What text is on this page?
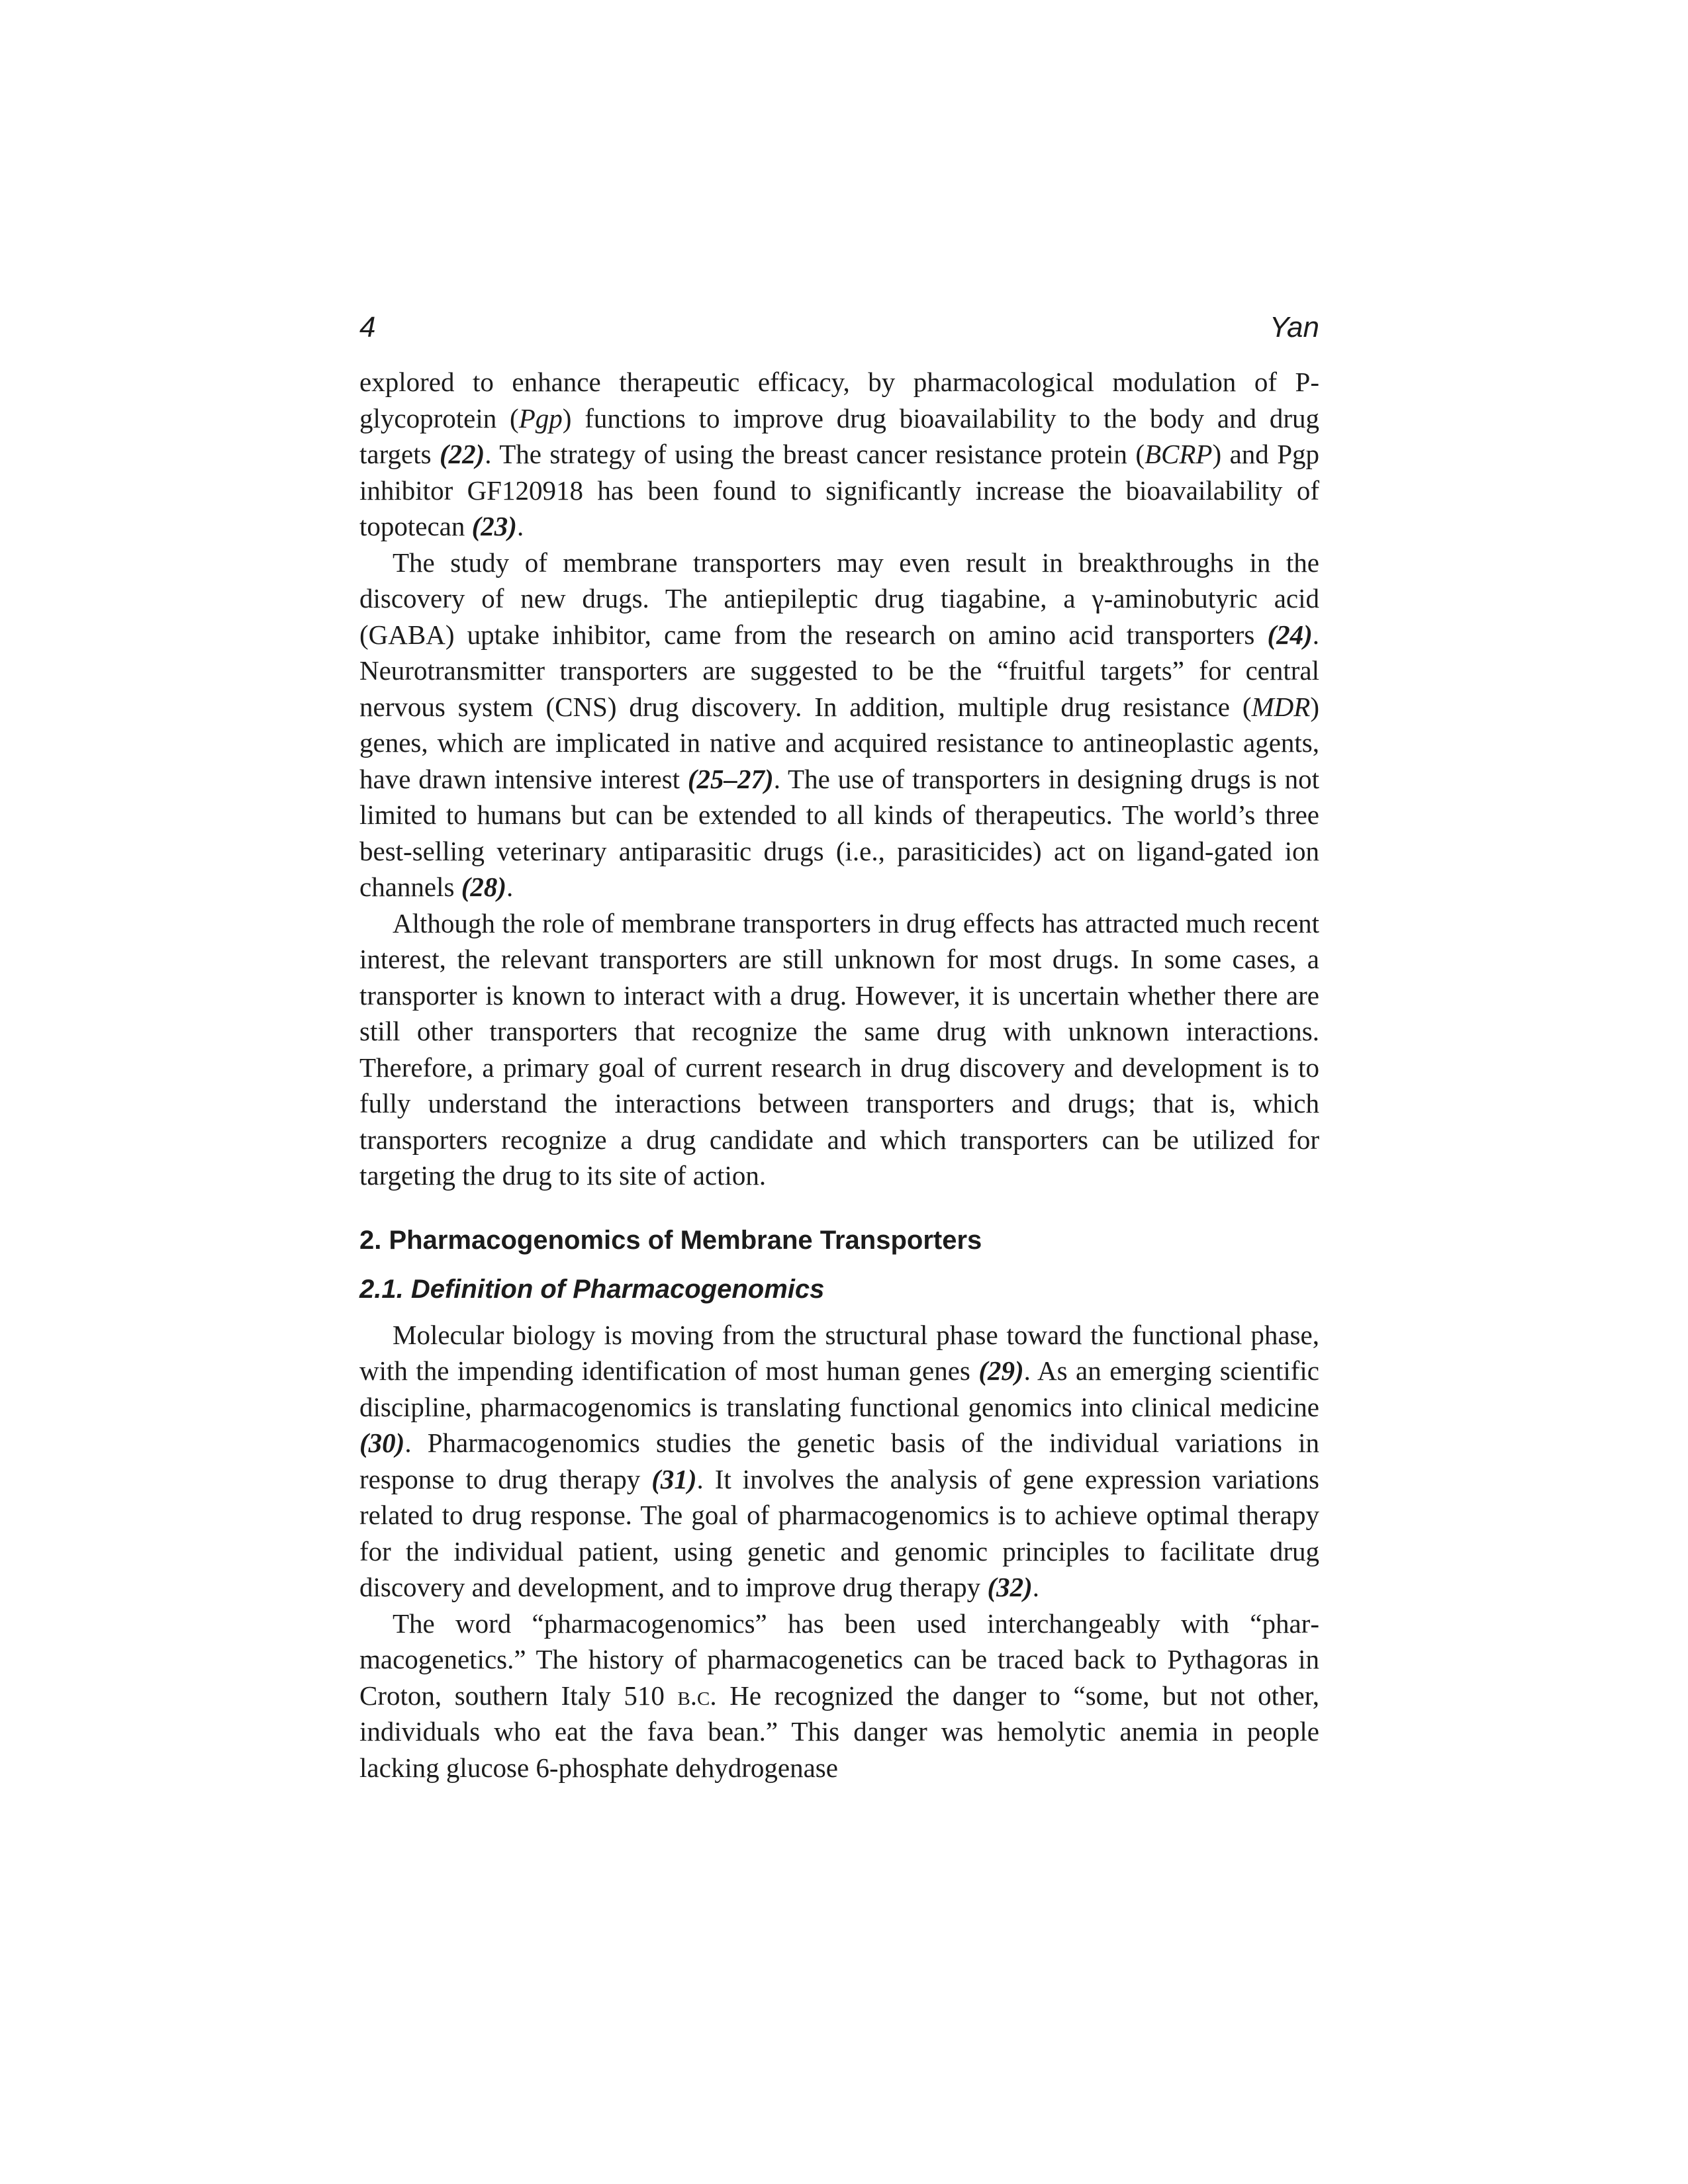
4	Yan

explored to enhance therapeutic efficacy, by pharmacological modulation of P-glycoprotein (Pgp) functions to improve drug bioavailability to the body and drug targets (22). The strategy of using the breast cancer resistance protein (BCRP) and Pgp inhibitor GF120918 has been found to significantly increase the bioavailability of topotecan (23).

The study of membrane transporters may even result in breakthroughs in the discovery of new drugs. The antiepileptic drug tiagabine, a γ-aminobutyric acid (GABA) uptake inhibitor, came from the research on amino acid transporters (24). Neurotransmitter transporters are suggested to be the “fruitful targets” for central nervous system (CNS) drug discovery. In addition, multiple drug resistance (MDR) genes, which are implicated in native and acquired resistance to antineoplastic agents, have drawn intensive interest (25–27). The use of transporters in designing drugs is not limited to humans but can be extended to all kinds of therapeutics. The world’s three best-selling veterinary antiparasitic drugs (i.e., parasiticides) act on ligand-gated ion channels (28).

Although the role of membrane transporters in drug effects has attracted much recent interest, the relevant transporters are still unknown for most drugs. In some cases, a transporter is known to interact with a drug. However, it is uncertain whether there are still other transporters that recognize the same drug with unknown interactions. Therefore, a primary goal of current research in drug discovery and development is to fully understand the interactions between transporters and drugs; that is, which transporters recognize a drug candidate and which transporters can be utilized for targeting the drug to its site of action.

2. Pharmacogenomics of Membrane Transporters
2.1. Definition of Pharmacogenomics

Molecular biology is moving from the structural phase toward the functional phase, with the impending identification of most human genes (29). As an emerging scientific discipline, pharmacogenomics is translating functional genomics into clinical medicine (30). Pharmacogenomics studies the genetic basis of the individual variations in response to drug therapy (31). It involves the analysis of gene expression variations related to drug response. The goal of pharmacogenomics is to achieve optimal therapy for the individual patient, using genetic and genomic principles to facilitate drug discovery and development, and to improve drug therapy (32).

The word “pharmacogenomics” has been used interchangeably with “pharmacogenetics.” The history of pharmacogenetics can be traced back to Pythagoras in Croton, southern Italy 510 b.c. He recognized the danger to “some, but not other, individuals who eat the fava bean.” This danger was hemolytic anemia in people lacking glucose 6-phosphate dehydrogenase
